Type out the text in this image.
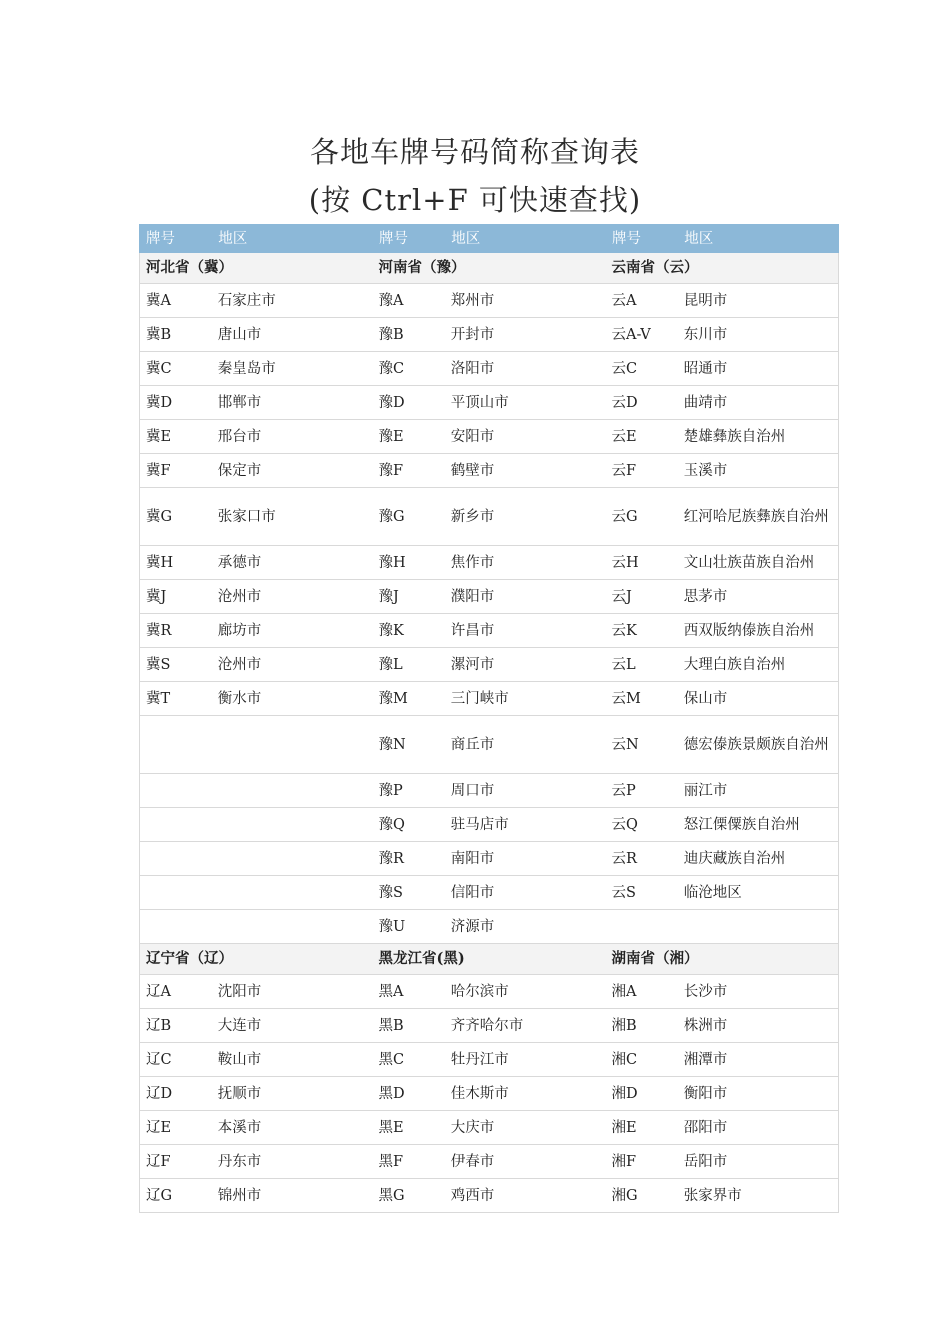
各地车牌号码简称查询表
(按 Ctrl+F 可快速查找)
牌号	地区	牌号	地区	牌号	地区
河北省（冀）		河南省（豫）		云南省（云）	
冀A	石家庄市	豫A	郑州市	云A	昆明市
冀B	唐山市	豫B	开封市	云A-V	东川市
冀C	秦皇岛市	豫C	洛阳市	云C	昭通市
冀D	邯郸市	豫D	平顶山市	云D	曲靖市
冀E	邢台市	豫E	安阳市	云E	楚雄彝族自治州
冀F	保定市	豫F	鹤壁市	云F	玉溪市
冀G	张家口市	豫G	新乡市	云G	红河哈尼族彝族自治州
冀H	承德市	豫H	焦作市	云H	文山壮族苗族自治州
冀J	沧州市	豫J	濮阳市	云J	思茅市
冀R	廊坊市	豫K	许昌市	云K	西双版纳傣族自治州
冀S	沧州市	豫L	漯河市	云L	大理白族自治州
冀T	衡水市	豫M	三门峡市	云M	保山市
		豫N	商丘市	云N	德宏傣族景颇族自治州
		豫P	周口市	云P	丽江市
		豫Q	驻马店市	云Q	怒江傈僳族自治州
		豫R	南阳市	云R	迪庆藏族自治州
		豫S	信阳市	云S	临沧地区
		豫U	济源市		
辽宁省（辽）		黑龙江省(黑)		湖南省（湘）	
辽A	沈阳市	黑A	哈尔滨市	湘A	长沙市
辽B	大连市	黑B	齐齐哈尔市	湘B	株洲市
辽C	鞍山市	黑C	牡丹江市	湘C	湘潭市
辽D	抚顺市	黑D	佳木斯市	湘D	衡阳市
辽E	本溪市	黑E	大庆市	湘E	邵阳市
辽F	丹东市	黑F	伊春市	湘F	岳阳市
辽G	锦州市	黑G	鸡西市	湘G	张家界市
